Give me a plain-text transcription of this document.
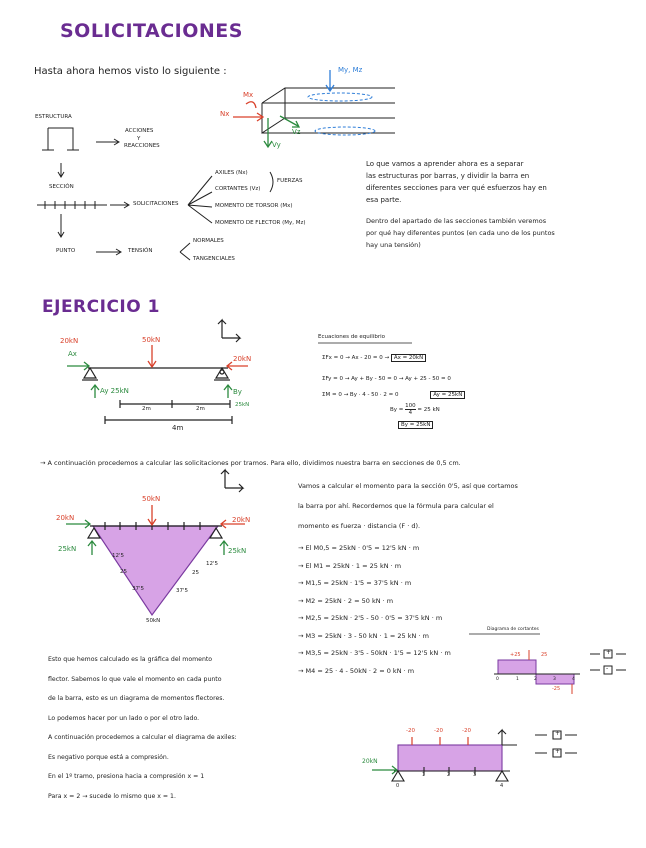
SOLICITACIONES
Hasta ahora hemos visto lo siguiente :	My, Mz
Mx
Nx
Vz
Vy
ESTRUCTURA
ACCIONES
Y
REACCIONES
SECCIÓN
SOLICITACIONES
AXILES (Nx)
CORTANTES (Vz)
FUERZAS
MOMENTO DE TORSOR (Mx)
MOMENTO DE FLECTOR (My, Mz)
PUNTO	TENSIÓN
NORMALES
TANGENCIALES
Lo que vamos a aprender ahora es a separar
las estructuras por barras, y dividir la barra en
diferentes secciones para ver qué esfuerzos hay en
esa parte.
Dentro del apartado de las secciones también veremos
por qué hay diferentes puntos (en cada uno de los puntos
hay una tensión)
EJERCICIO 1
20kN
Ax
50kN
20kN
Ay 25kN	By
25kN
2m	2m
4m
Ecuaciones de equilibrio
ΣFx = 0 → Ax - 20 = 0 → Ax = 20kN
ΣFy = 0 → Ay + By - 50 = 0 → Ay + 25 - 50 = 0
ΣM = 0 → By · 4 - 50 · 2 = 0	Ay = 25kN
$By = \frac{100}{4} = 25$ kN
By = 25kN
→ A continuación procedemos a calcular las solicitaciones por tramos. Para ello, dividimos nuestra barra en secciones de 0,5 cm.
Vamos a calcular el momento para la sección 0'5, así que cortamos
la barra por ahí. Recordemos que la fórmula para calcular el
momento es fuerza · distancia (F · d).
20kN
50kN
20kN
25kN	25kN
12'5
12'5
25	25
37'5	37'5
50kN
→ El M0,5 = 25kN · 0'5 = 12'5 kN · m
→ El M1 = 25kN · 1 = 25 kN · m
→ M1,5 = 25kN · 1'5 = 37'5 kN · m
→ M2 = 25kN · 2 = 50 kN · m
→ M2,5 = 25kN · 2'5 - 50 · 0'5 = 37'5 kN · m
→ M3 = 25kN · 3 - 50 kN · 1 = 25 kN · m
→ M3,5 = 25kN · 3'5 - 50kN · 1'5 = 12'5 kN · m
→ M4 = 25 · 4 - 50kN · 2 = 0 kN · m
Esto que hemos calculado es la gráfica del momento
flector. Sabemos lo que vale el momento en cada punto
de la barra, esto es un diagrama de momentos flectores.
Lo podemos hacer por un lado o por el otro lado.
A continuación procedemos a calcular el diagrama de axiles:
Es negativo porque está a compresión.
En el 1º tramo, presiona hacia a compresión x = 1
Para x = 2 → sucede lo mismo que x = 1.
Diagrama de cortantes
+25	25
-25
0	1	2	3	4
+
-
20kN
-20	-20	-20
0
1	2	3
4
+
+
